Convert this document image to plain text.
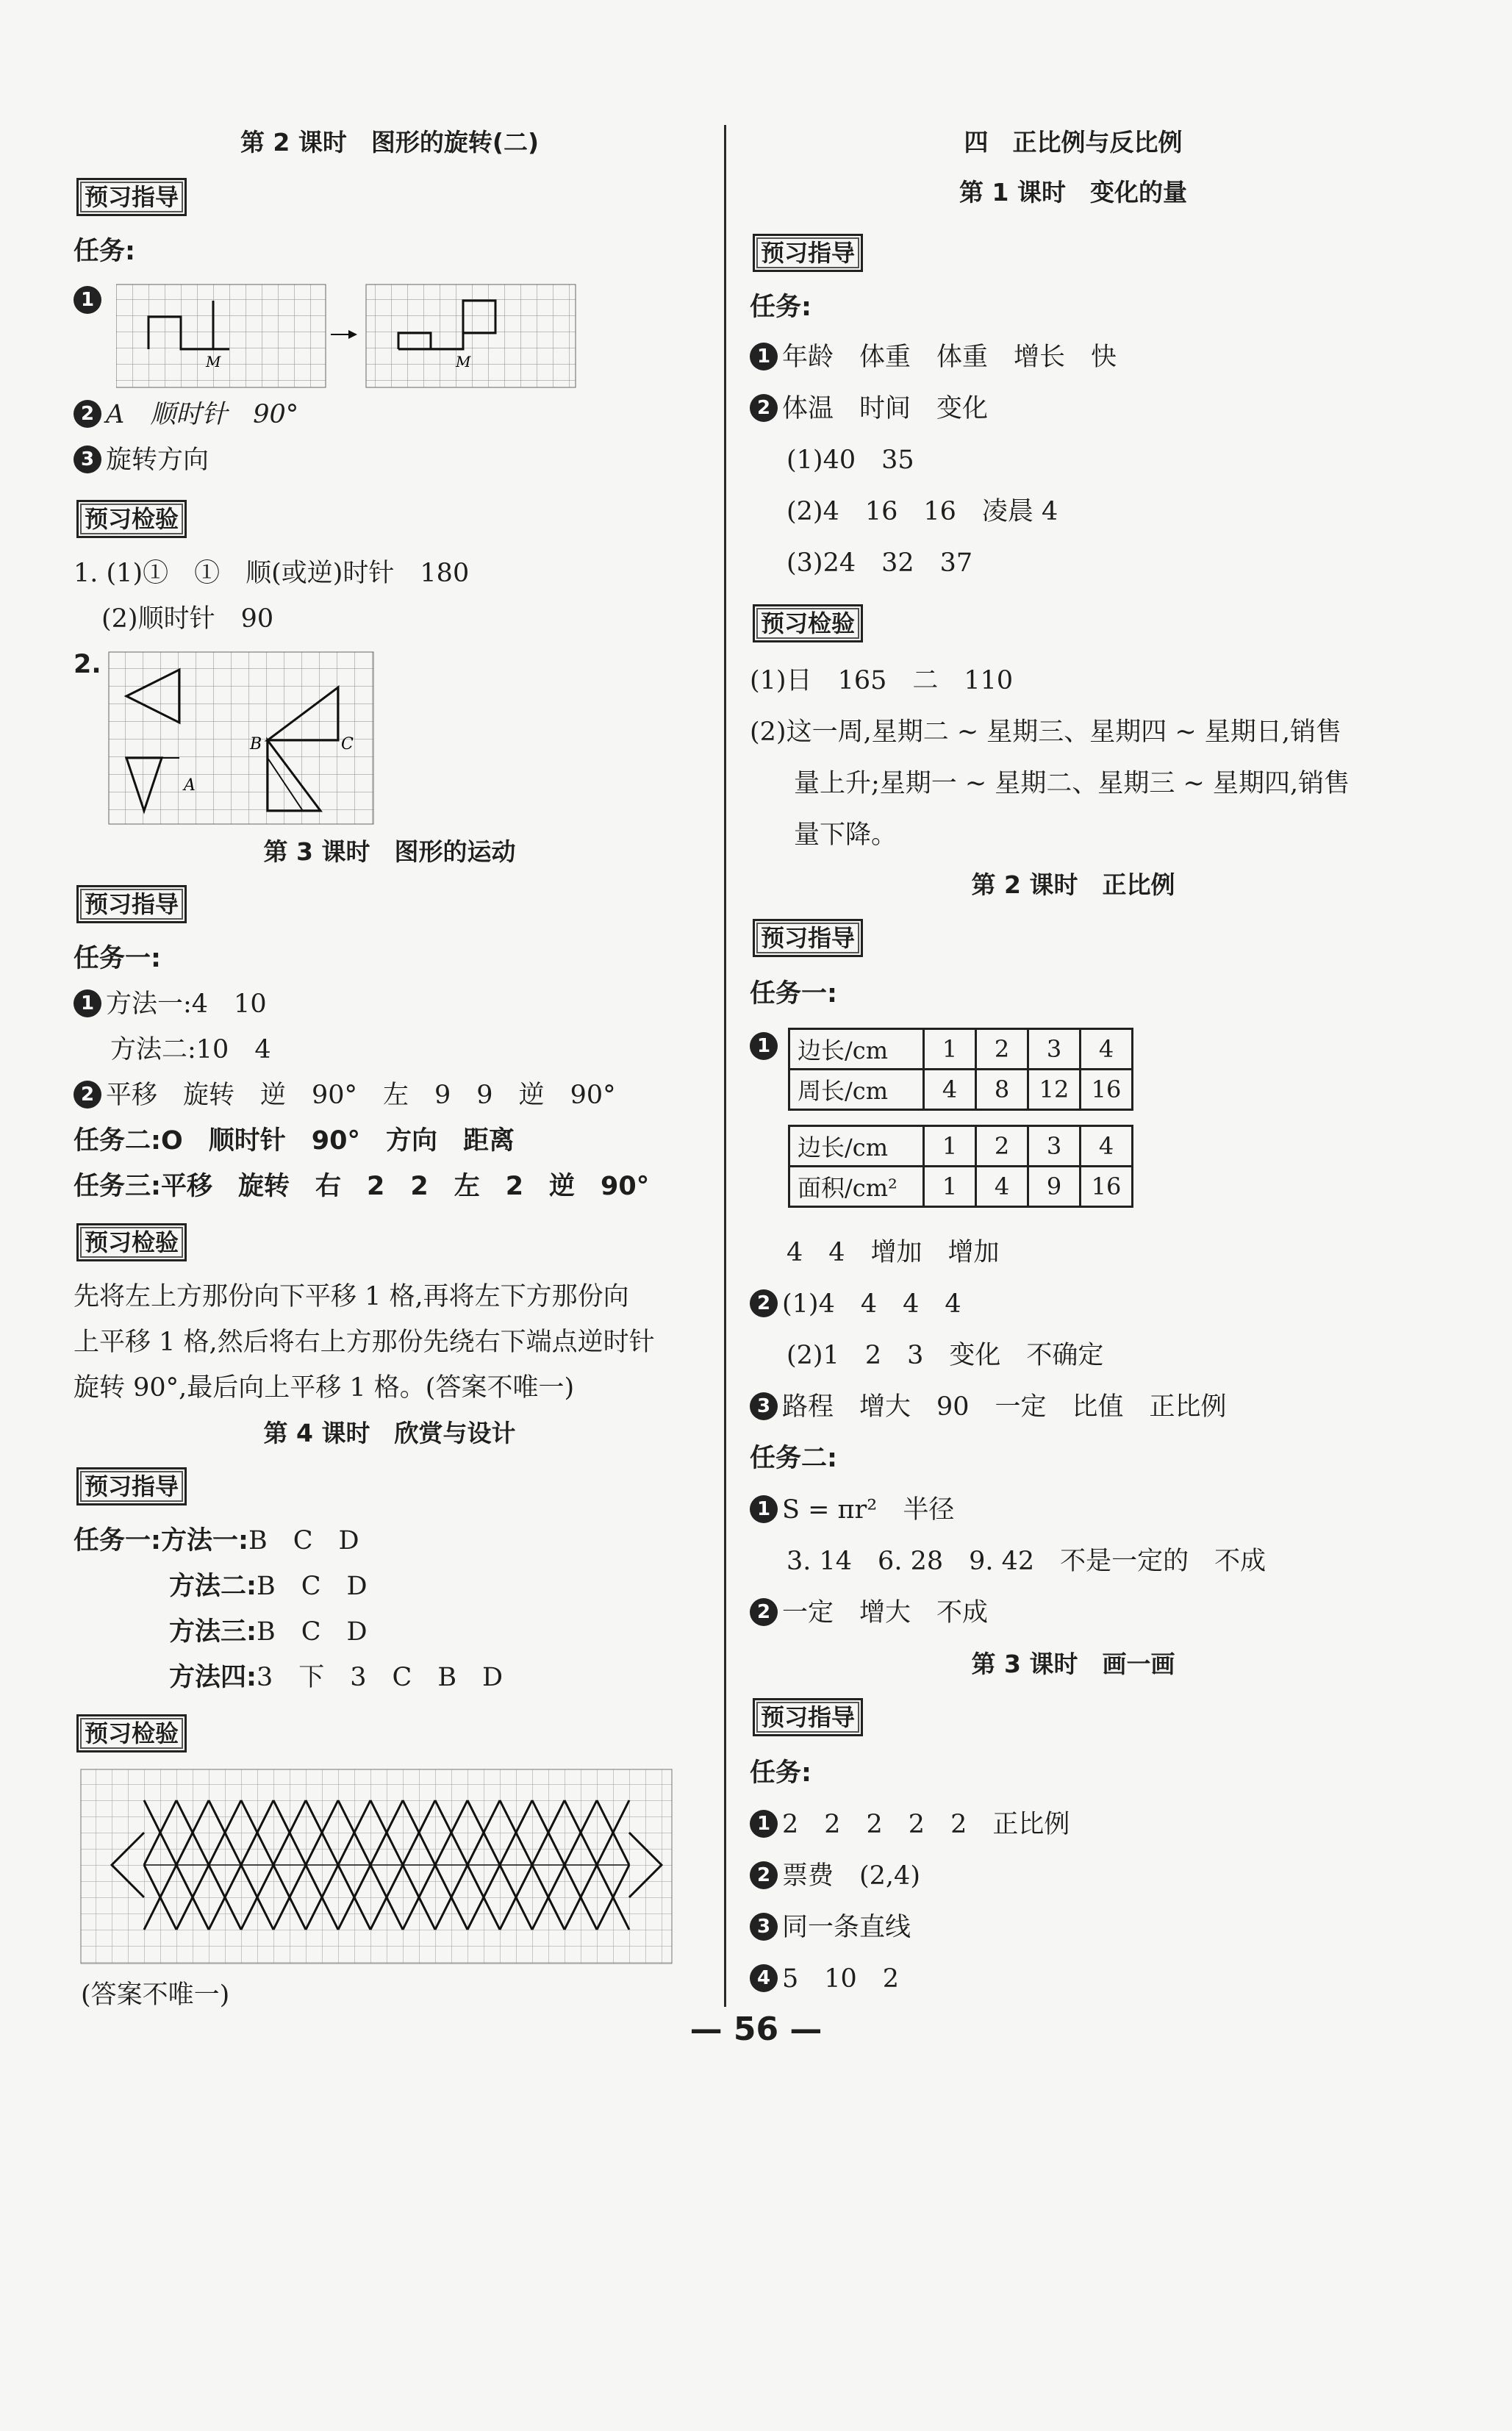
第 2 课时　图形的旋转(二)
预习指导
任务:
1
M	M
2 A　顺时针　90°
3 旋转方向
预习检验
1. (1)①　①　顺(或逆)时针　180
(2)顺时针　90
2.
A
B	C
第 3 课时　图形的运动
预习指导
任务一:
1 方法一:4　10
方法二:10　4
2 平移　旋转　逆　90°　左　9　9　逆　90°
任务二:O　顺时针　90°　方向　距离
任务三:平移　旋转　右　2　2　左　2　逆　90°
预习检验
先将左上方那份向下平移 1 格,再将左下方那份向
上平移 1 格,然后将右上方那份先绕右下端点逆时针
旋转 90°,最后向上平移 1 格。(答案不唯一)
第 4 课时　欣赏与设计
预习指导
任务一:方法一:B　C　D
方法二:B　C　D
方法三:B　C　D
方法四:3　下　3　C　B　D
预习检验
(答案不唯一)
四　正比例与反比例
第 1 课时　变化的量
预习指导
任务:
1 年龄　体重　体重　增长　快
2 体温　时间　变化
(1)40　35
(2)4　16　16　凌晨 4
(3)24　32　37
预习检验
(1)日　165　二　110
(2)这一周,星期二 ~ 星期三、星期四 ~ 星期日,销售
量上升;星期一 ~ 星期二、星期三 ~ 星期四,销售
量下降。
第 2 课时　正比例
预习指导
任务一:
1	边长/cm	1	2	3	4
周长/cm	4	8	12	16
边长/cm	1	2	3	4
面积/cm²	1	4	9	16
4　4　增加　增加
2 (1)4　4　4　4
(2)1　2　3　变化　不确定
3 路程　增大　90　一定　比值　正比例
任务二:
1 S = πr²　半径
3. 14　6. 28　9. 42　不是一定的　不成
2 一定　增大　不成
第 3 课时　画一画
预习指导
任务:
1 2　2　2　2　2　正比例
2 票费　(2,4)
3 同一条直线
4 5　10　2
— 56 —
